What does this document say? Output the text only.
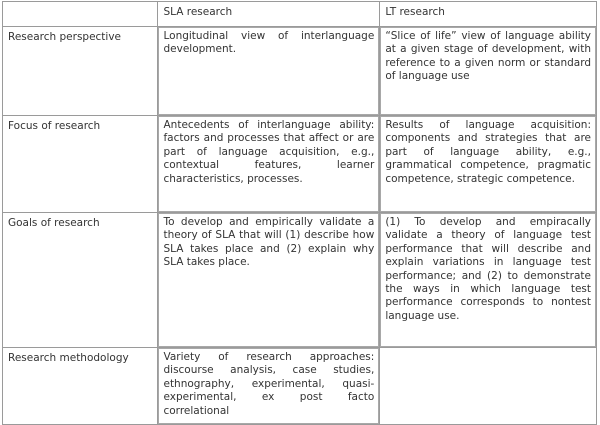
	SLA research	LT research
Research perspective	Longitudinal view of interlanguage development.	“Slice of life” view of language ability at a given stage of development, with reference to a given norm or standard of language use

Focus of research	Antecedents of interlanguage ability: factors and processes that affect or are part of language acquisition, e.g., contextual features, learner characteristics, processes.	Results of language acquisition: components and strategies that are part of language ability, e.g., grammatical competence, pragmatic competence, strategic competence.

Goals of research	To develop and empirically validate a theory of SLA that will (1) describe how SLA takes place and (2) explain why SLA takes place.	(1) To develop and empiracally validate a theory of language test performance that will describe and explain variations in language test performance; and (2) to demonstrate the ways in which language test performance corresponds to nontest language use.

Research methodology	Variety of research approaches: discourse analysis, case studies, ethnography, experimental, quasi-experimental, ex post facto correlational	
